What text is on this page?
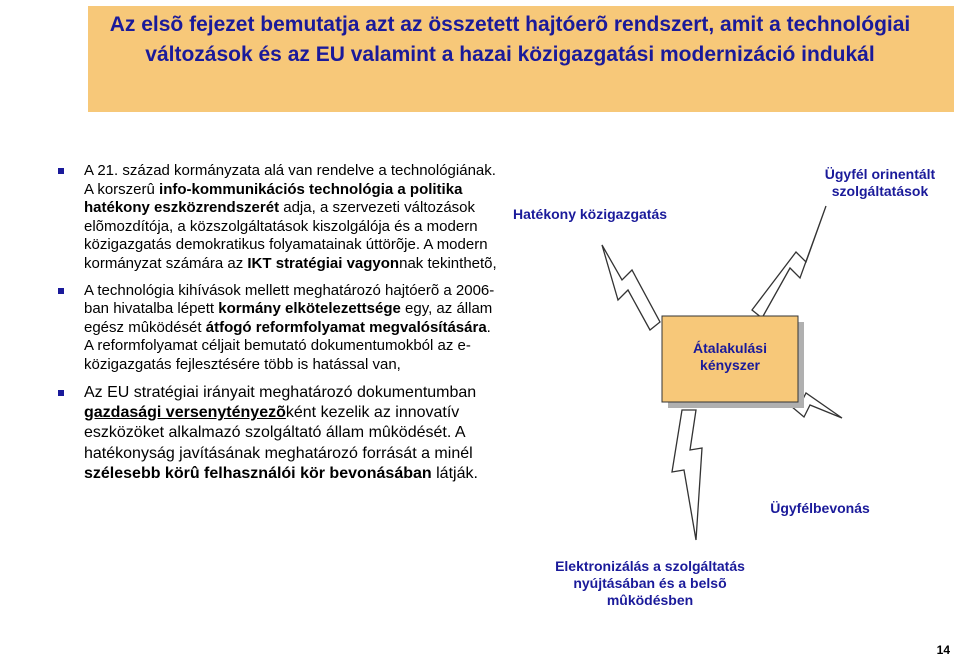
Az elsõ fejezet bemutatja azt az összetett hajtóerõ rendszert, amit a technológiai változások és az EU valamint a hazai közigazgatási modernizáció indukál
A 21. század kormányzata alá van rendelve a technológiának. A korszerû info-kommunikációs technológia a politika hatékony eszközrendszerét adja, a szervezeti változások elõmozdítója, a közszolgáltatások kiszolgálója és a modern közigazgatás demokratikus folyamatainak úttörõje. A modern kormányzat számára az IKT stratégiai vagyonnak tekinthetõ,
A technológia kihívások mellett meghatározó hajtóerõ a 2006-ban hivatalba lépett kormány elkötelezettsége egy, az állam egész mûködését átfogó reformfolyamat megvalósítására. A reformfolyamat céljait bemutató dokumentumokból az e-közigazgatás fejlesztésére több is hatással van,
Az EU stratégiai irányait meghatározó dokumentumban gazdasági versenytényezõként kezelik az innovatív eszközöket alkalmazó szolgáltató állam mûködését. A hatékonyság javításának meghatározó forrását a minél szélesebb körû felhasználói kör bevonásában látják.
Átalakulási kényszer
Hatékony közigazgatás
Ügyfél orinentált szolgáltatások
Ügyfélbevonás
Elektronizálás a szolgáltatás nyújtásában és a belsõ mûködésben
14
